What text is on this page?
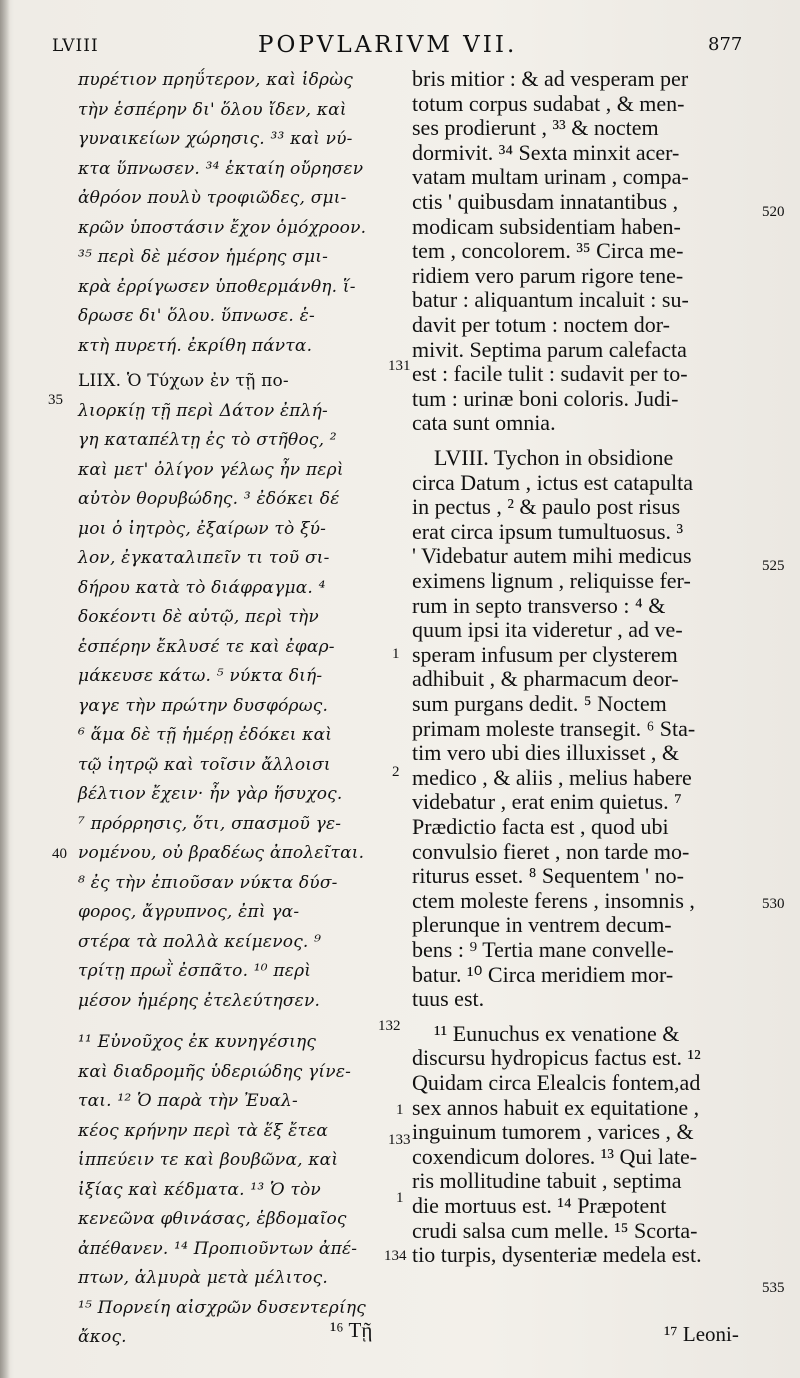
LVIII	POPVLARIVM VII.	877
πυρέτιον πρηΰτερον, καὶ ἱδρὼς
τὴν ἑσπέρην δι' ὅλου ἴδεν, καὶ
γυναικείων χώρησις. ³³ καὶ νύ-
κτα ὕπνωσεν. ³⁴ ἑκταίη οὔρησεν
ἀθρόον πουλὺ τροφιῶδες, σμι-
κρῶν ὑποστάσιν ἔχον ὁμόχροον.
³⁵ περὶ δὲ μέσον ἡμέρης σμι-
κρὰ ἐρρίγωσεν ὑποθερμάνθη. ἵ-
δρωσε δι' ὅλου. ὕπνωσε. ἑ-
κτὴ πυρετή. ἐκρίθη πάντα.
LIIX. Ὁ Τύχων ἐν τῇ πο-
λιορκίῃ τῇ περὶ Δάτον ἐπλή-
γη καταπέλτῃ ἐς τὸ στῆθος, ²
καὶ μετ' ὀλίγον γέλως ἦν περὶ
αὐτὸν θορυβώδης. ³ ἐδόκει δέ
μοι ὁ ἰητρὸς, ἐξαίρων τὸ ξύ-
λον, ἐγκαταλιπεῖν τι τοῦ σι-
δήρου κατὰ τὸ διάφραγμα. ⁴
δοκέοντι δὲ αὐτῷ, περὶ τὴν
ἑσπέρην ἔκλυσέ τε καὶ ἐφαρ-
μάκευσε κάτω. ⁵ νύκτα διή-
γαγε τὴν πρώτην δυσφόρως.
⁶ ἅμα δὲ τῇ ἡμέρῃ ἐδόκει καὶ
τῷ ἰητρῷ καὶ τοῖσιν ἄλλοισι
βέλτιον ἔχειν· ἦν γὰρ ἥσυχος.
⁷ πρόρρησις, ὅτι, σπασμοῦ γε-
νομένου, οὐ βραδέως ἀπολεῖται.
⁸ ἐς τὴν ἐπιοῦσαν νύκτα δύσ-
φορος, ἄγρυπνος, ἐπὶ γα-
στέρα τὰ πολλὰ κείμενος. ⁹
τρίτῃ πρωῒ ἐσπᾶτο. ¹⁰ περὶ
μέσον ἡμέρης ἐτελεύτησεν.
¹¹ Εὐνοῦχος ἐκ κυνηγέσιης
καὶ διαδρομῆς ὑδεριώδης γίνε-
ται. ¹² Ὁ παρὰ τὴν Ἐυαλ-
κέος κρήνην περὶ τὰ ἕξ ἔτεα
ἱππεύειν τε καὶ βουβῶνα, καὶ
ἰξίας καὶ κέδματα. ¹³ Ὁ τὸν
κενεῶνα φθινάσας, ἑβδομαῖος
ἀπέθανεν. ¹⁴ Προπιοῦντων ἀπέ-
πτων, ἁλμυρὰ μετὰ μέλιτος.
¹⁵ Πορνείη αἰσχρῶν δυσεντερίης
ἄκος.
bris mitior : & ad vesperam per
totum corpus sudabat , & men-
ses prodierunt , ³³ & noctem
dormivit. ³⁴ Sexta minxit acer-
vatam multam urinam , compa-
ctis ' quibusdam innatantibus ,
modicam subsidentiam haben-
tem , concolorem. ³⁵ Circa me-
ridiem vero parum rigore tene-
batur : aliquantum incaluit : su-
davit per totum : noctem dor-
mivit. Septima parum calefacta
est : facile tulit : sudavit per to-
tum : urinæ boni coloris. Judi-
cata sunt omnia.
LVIII. Tychon in obsidione
circa Datum , ictus est catapulta
in pectus , ² & paulo post risus
erat circa ipsum tumultuosus. ³
' Videbatur autem mihi medicus
eximens lignum , reliquisse fer-
rum in septo transverso : ⁴ &
quum ipsi ita videretur , ad ve-
speram infusum per clysterem
adhibuit , & pharmacum deor-
sum purgans dedit. ⁵ Noctem
primam moleste transegit. ⁶ Sta-
tim vero ubi dies illuxisset , &
medico , & aliis , melius habere
videbatur , erat enim quietus. ⁷
Prædictio facta est , quod ubi
convulsio fieret , non tarde mo-
riturus esset. ⁸ Sequentem ' no-
ctem moleste ferens , insomnis ,
plerunque in ventrem decum-
bens : ⁹ Tertia mane convelle-
batur. ¹⁰ Circa meridiem mor-
tuus est.
¹¹ Eunuchus ex venatione &
discursu hydropicus factus est. ¹²
Quidam circa Elealcis fontem,ad
sex annos habuit ex equitatione ,
inguinum tumorem , varices , &
coxendicum dolores. ¹³ Qui late-
ris mollitudine tabuit , septima
die mortuus est. ¹⁴ Præpotent
crudi salsa cum melle. ¹⁵ Scorta-
tio turpis, dysenteriæ medela est.
131
35
1
2
40
132
1
133
1
134
520
525
530
535
¹⁶ Τῇ	¹⁷ Leoni-
